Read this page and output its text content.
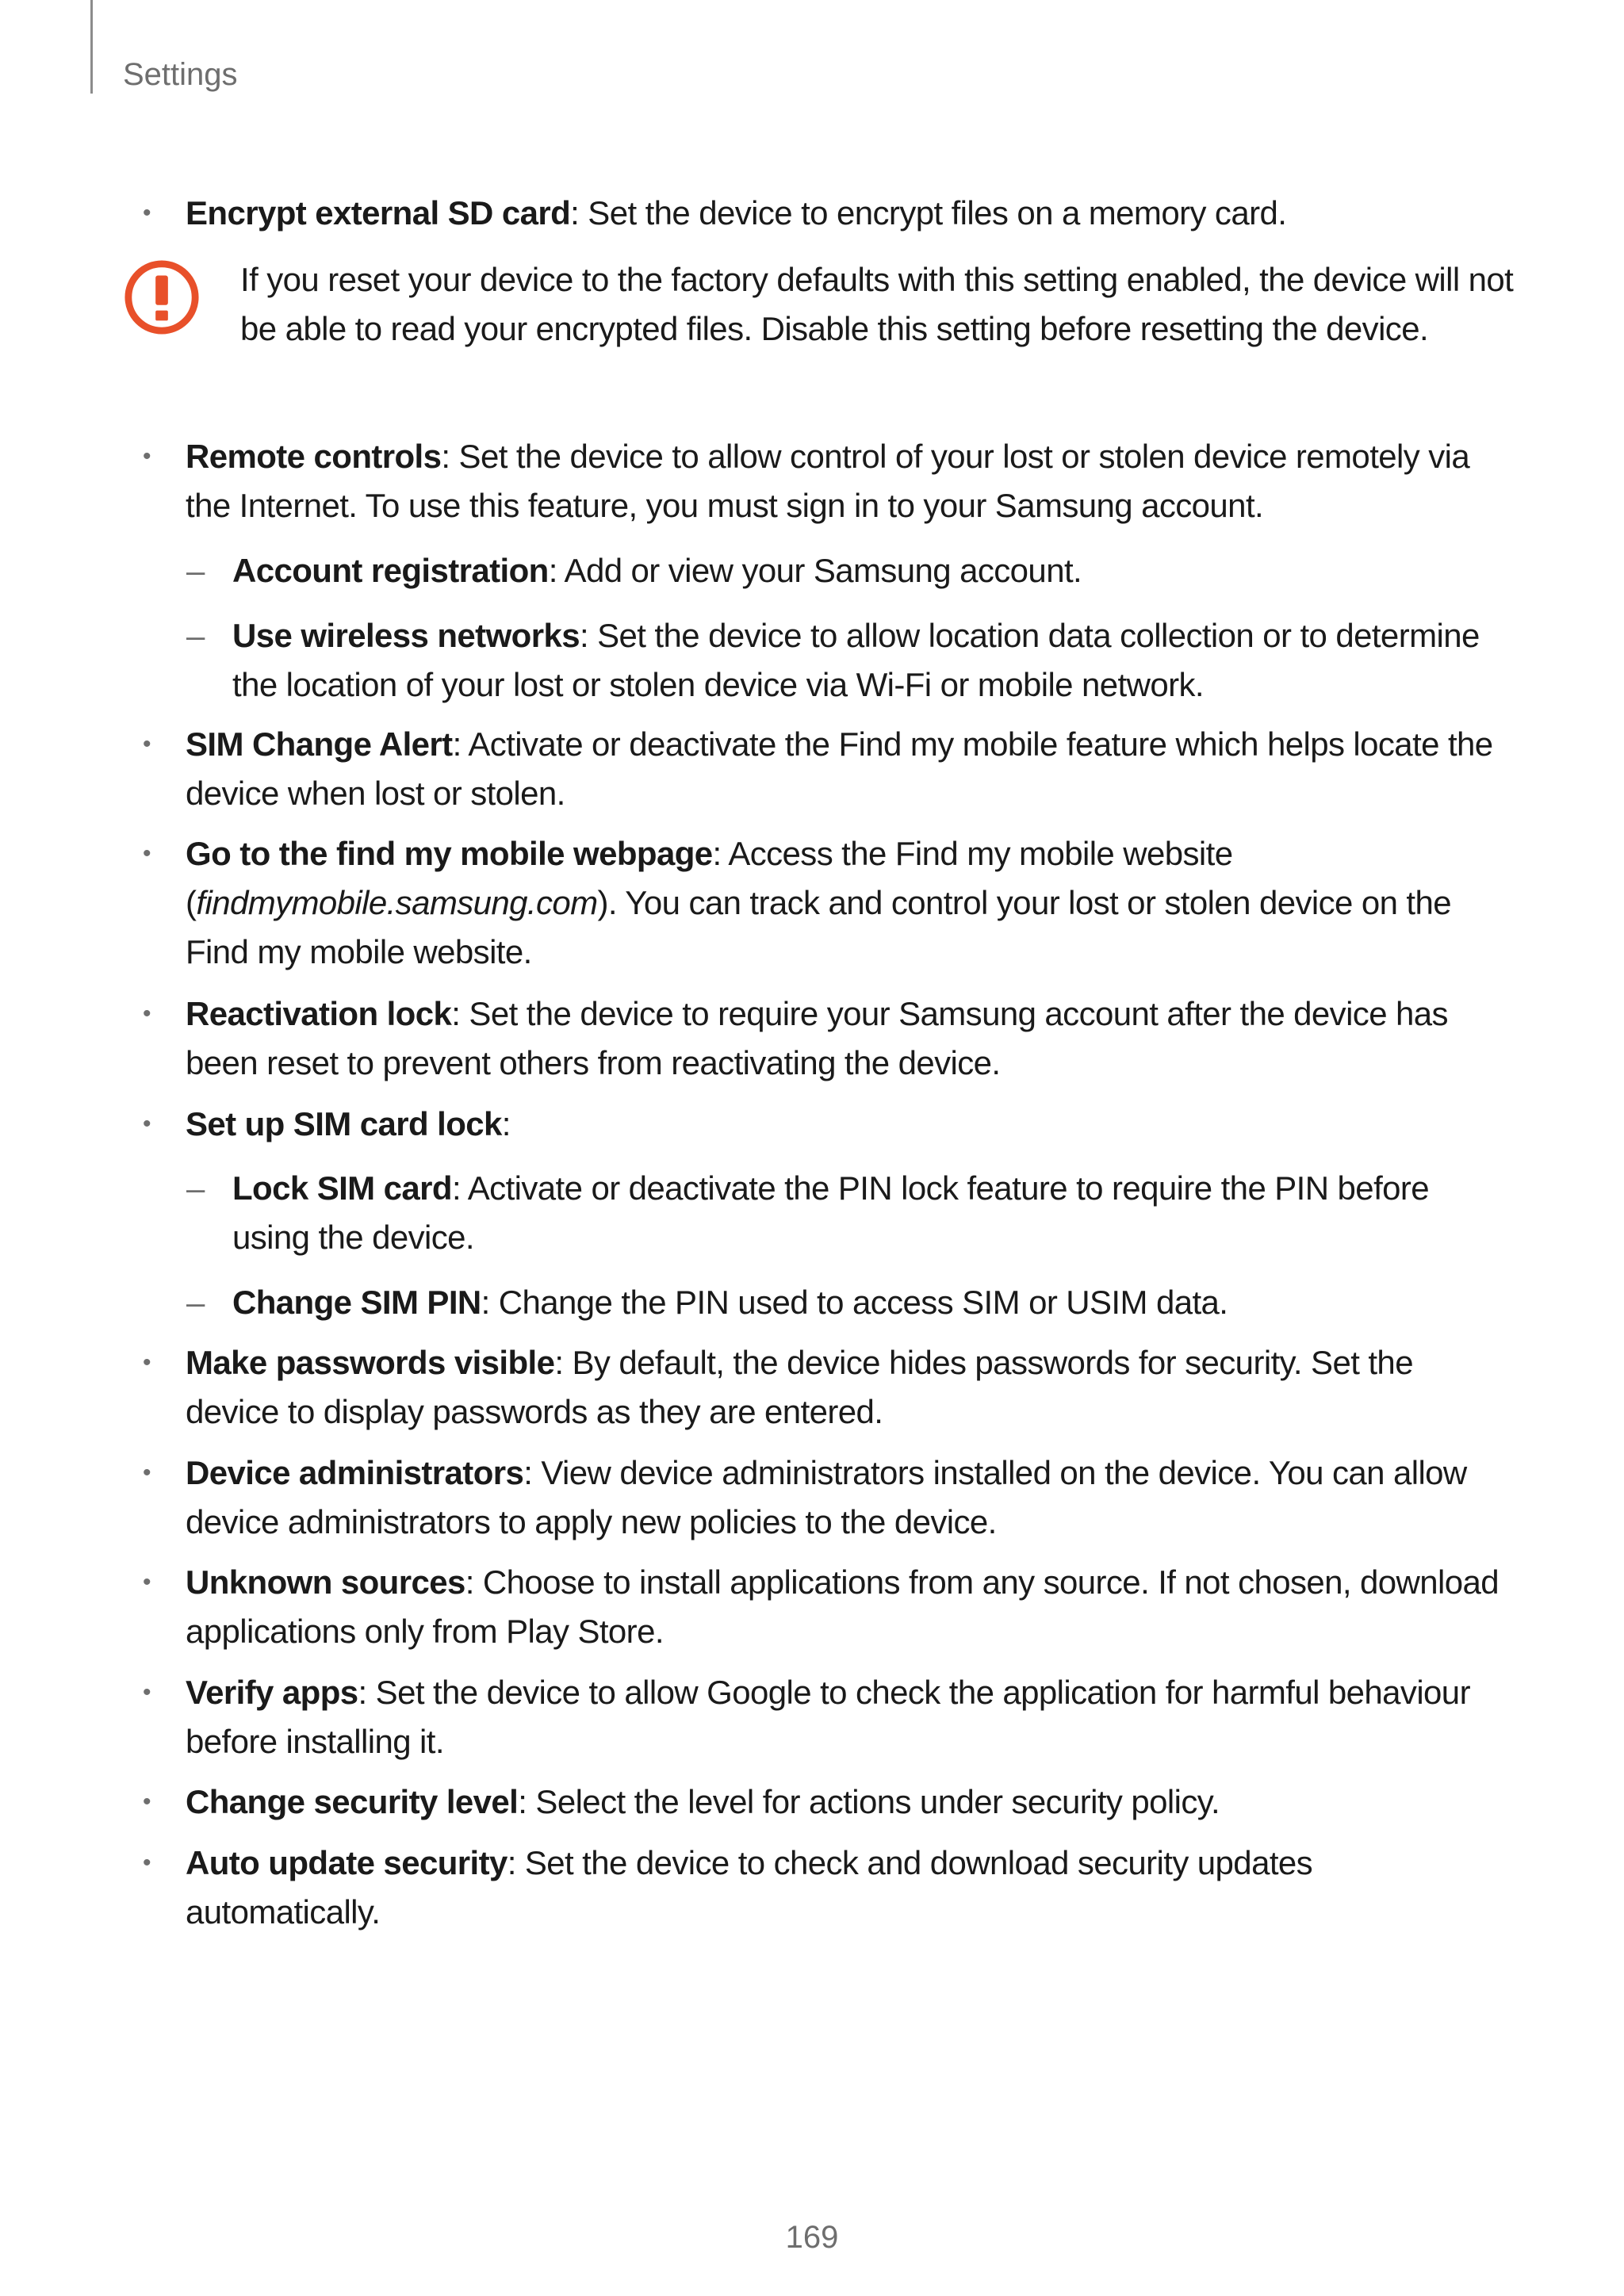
Settings
• Encrypt external SD card: Set the device to encrypt files on a memory card.
If you reset your device to the factory defaults with this setting enabled, the device will not be able to read your encrypted files. Disable this setting before resetting the device.
• Remote controls: Set the device to allow control of your lost or stolen device remotely via the Internet. To use this feature, you must sign in to your Samsung account.
– Account registration: Add or view your Samsung account.
– Use wireless networks: Set the device to allow location data collection or to determine the location of your lost or stolen device via Wi-Fi or mobile network.
• SIM Change Alert: Activate or deactivate the Find my mobile feature which helps locate the device when lost or stolen.
• Go to the find my mobile webpage: Access the Find my mobile website (findmymobile.samsung.com). You can track and control your lost or stolen device on the Find my mobile website.
• Reactivation lock: Set the device to require your Samsung account after the device has been reset to prevent others from reactivating the device.
• Set up SIM card lock:
– Lock SIM card: Activate or deactivate the PIN lock feature to require the PIN before using the device.
– Change SIM PIN: Change the PIN used to access SIM or USIM data.
• Make passwords visible: By default, the device hides passwords for security. Set the device to display passwords as they are entered.
• Device administrators: View device administrators installed on the device. You can allow device administrators to apply new policies to the device.
• Unknown sources: Choose to install applications from any source. If not chosen, download applications only from Play Store.
• Verify apps: Set the device to allow Google to check the application for harmful behaviour before installing it.
• Change security level: Select the level for actions under security policy.
• Auto update security: Set the device to check and download security updates automatically.
169
